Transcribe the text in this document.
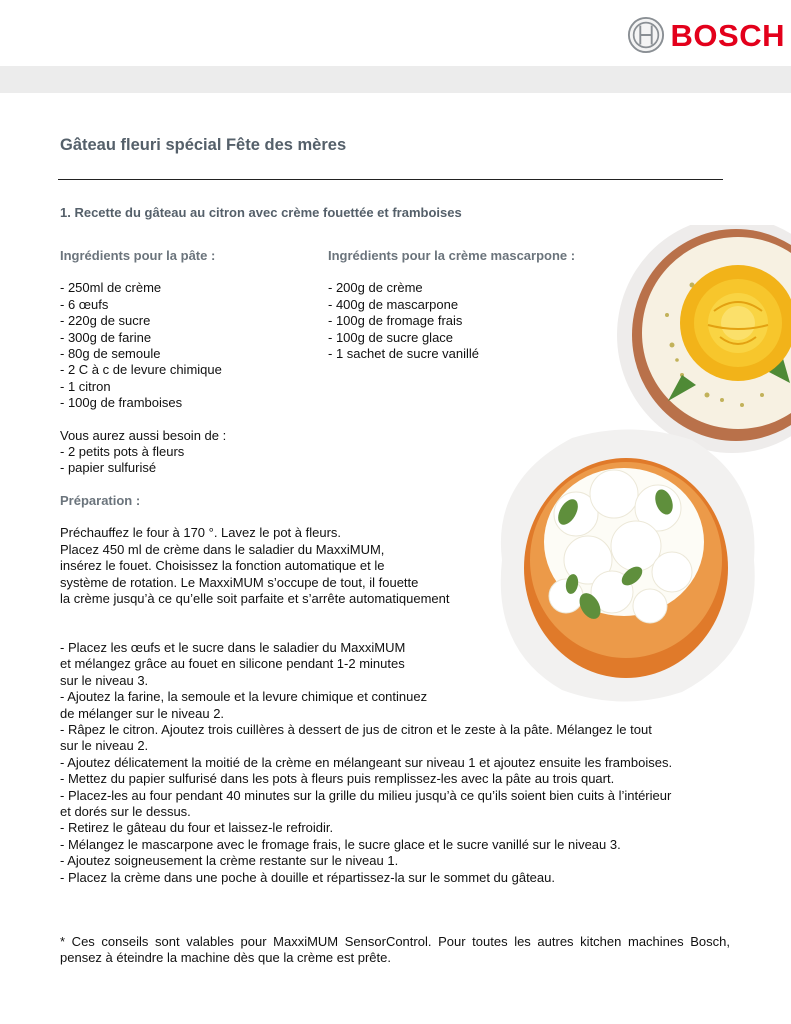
BOSCH
Gâteau fleuri spécial Fête des mères
1. Recette du gâteau au citron avec crème fouettée et framboises

Ingrédients pour la pâte :

- 250ml de crème
- 6 œufs
- 220g de sucre
- 300g de farine
- 80g de semoule
- 2 C à c de levure chimique
- 1 citron
- 100g de framboises

Vous aurez aussi besoin de :

- 2 petits pots à fleurs
- papier sulfurisé

Préparation :

Préchauffez le four à 170 °. Lavez le pot à fleurs.

Placez 450 ml de crème dans le saladier du MaxxiMUM,

insérez le fouet. Choisissez la fonction automatique et le

système de rotation. Le MaxxiMUM s’occupe de tout, il fouette

la crème jusqu’à ce qu’elle soit parfaite et s’arrête automatiquement

Ingrédients pour la crème mascarpone :

- 200g de crème
- 400g de mascarpone
- 100g de fromage frais
- 100g de sucre glace
- 1 sachet de sucre vanillé
- Placez les œufs et le sucre dans le saladier du MaxxiMUM
et mélangez grâce au fouet en silicone pendant 1-2 minutes
sur le niveau 3.
- Ajoutez la farine, la semoule et la levure chimique et continuez
de mélanger sur le niveau 2.
- Râpez le citron. Ajoutez trois cuillères à dessert de jus de citron et le zeste à la pâte. Mélangez le tout
sur le niveau 2.
- Ajoutez délicatement la moitié de la crème en mélangeant sur niveau 1 et ajoutez ensuite les framboises.
- Mettez du papier sulfurisé dans les pots à fleurs puis remplissez-les avec la pâte au trois quart.
- Placez-les au four pendant 40 minutes sur la grille du milieu jusqu’à ce qu’ils soient bien cuits à l’intérieur
et dorés sur le dessus.
- Retirez le gâteau du four et laissez-le refroidir.
- Mélangez le mascarpone avec le fromage frais, le sucre glace et le sucre vanillé sur le niveau 3.
- Ajoutez soigneusement la crème restante sur le niveau 1.
- Placez la crème dans une poche à douille et répartissez-la sur le sommet du gâteau.

* Ces conseils sont valables pour MaxxiMUM SensorControl. Pour toutes les autres kitchen machines Bosch, pensez à éteindre la machine dès que la crème est prête.
